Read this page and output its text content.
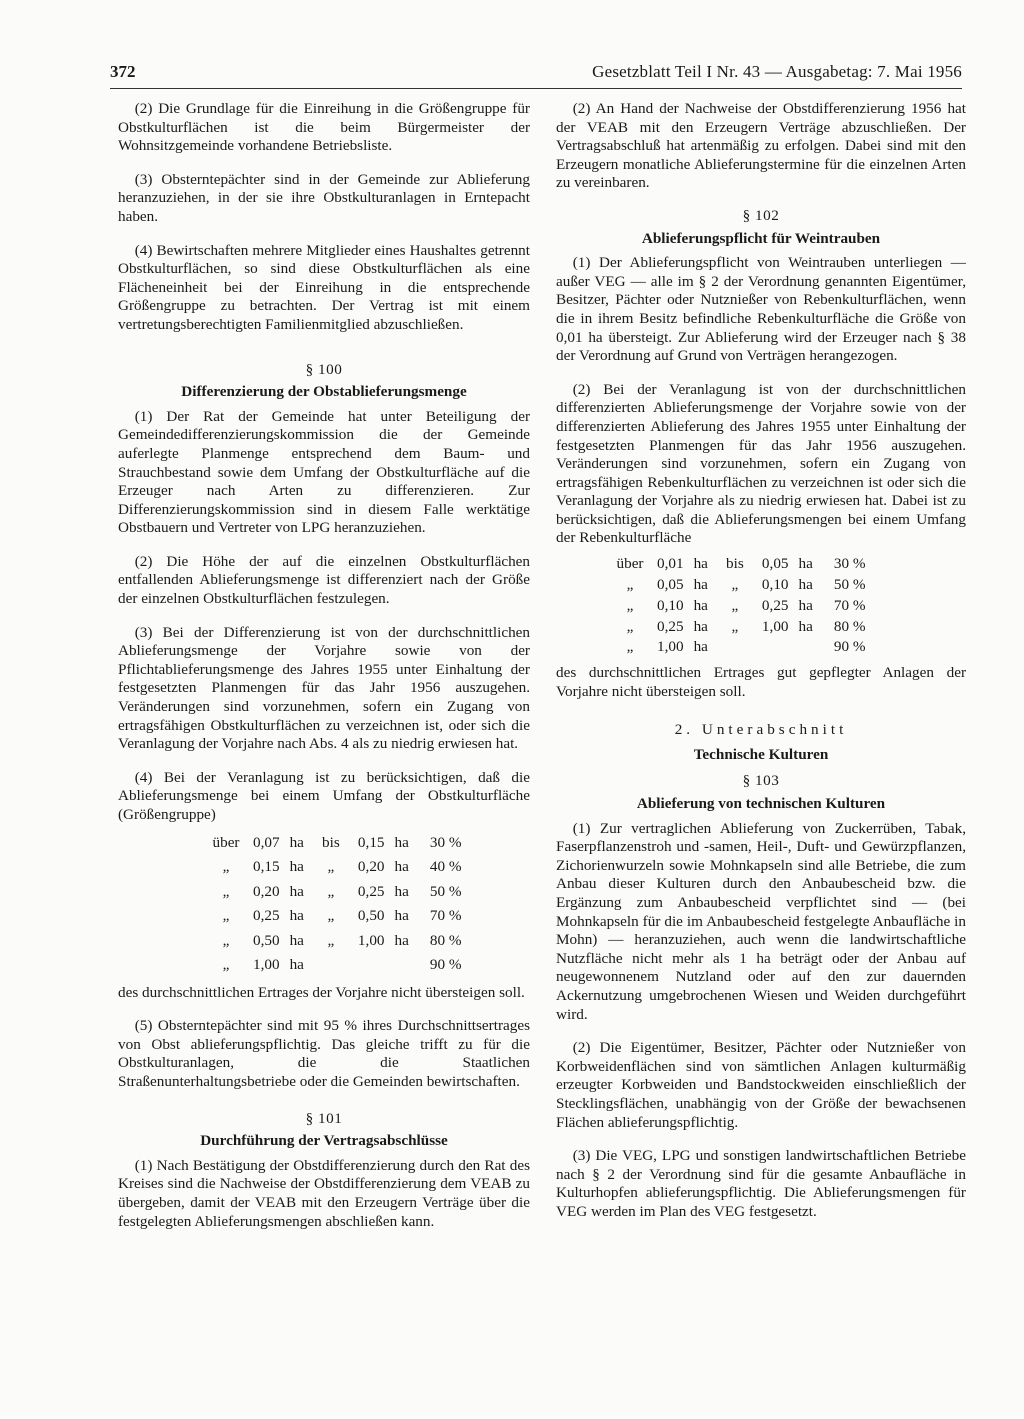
372	Gesetzblatt Teil I Nr. 43 — Ausgabetag: 7. Mai 1956

(2) Die Grundlage für die Einreihung in die Größengruppe für Obstkulturflächen ist die beim Bürgermeister der Wohnsitzgemeinde vorhandene Betriebsliste.

(3) Obsterntepächter sind in der Gemeinde zur Ablieferung heranzuziehen, in der sie ihre Obstkulturanlagen in Erntepacht haben.

(4) Bewirtschaften mehrere Mitglieder eines Haushaltes getrennt Obstkulturflächen, so sind diese Obstkulturflächen als eine Flächeneinheit bei der Einreihung in die entsprechende Größengruppe zu betrachten. Der Vertrag ist mit einem vertretungsberechtigten Familienmitglied abzuschließen.

§ 100

Differenzierung der Obstablieferungsmenge

(1) Der Rat der Gemeinde hat unter Beteiligung der Gemeindedifferenzierungskommission die der Gemeinde auferlegte Planmenge entsprechend dem Baum- und Strauchbestand sowie dem Umfang der Obstkulturfläche auf die Erzeuger nach Arten zu differenzieren. Zur Differenzierungskommission sind in diesem Falle werktätige Obstbauern und Vertreter von LPG heranzuziehen.

(2) Die Höhe der auf die einzelnen Obstkulturflächen entfallenden Ablieferungsmenge ist differenziert nach der Größe der einzelnen Obstkulturflächen festzulegen.

(3) Bei der Differenzierung ist von der durchschnittlichen Ablieferungsmenge der Vorjahre sowie von der Pflichtablieferungsmenge des Jahres 1955 unter Einhaltung der festgesetzten Planmengen für das Jahr 1956 auszugehen. Veränderungen sind vorzunehmen, sofern ein Zugang von ertragsfähigen Obstkulturflächen zu verzeichnen ist, oder sich die Veranlagung der Vorjahre nach Abs. 4 als zu niedrig erwiesen hat.

(4) Bei der Veranlagung ist zu berücksichtigen, daß die Ablieferungsmenge bei einem Umfang der Obstkulturfläche (Größengruppe)

über	0,07	ha	bis	0,15	ha	30 %
„	0,15	ha	„	0,20	ha	40 %
„	0,20	ha	„	0,25	ha	50 %
„	0,25	ha	„	0,50	ha	70 %
„	0,50	ha	„	1,00	ha	80 %
„	1,00	ha				90 %

des durchschnittlichen Ertrages der Vorjahre nicht übersteigen soll.

(5) Obsterntepächter sind mit 95 % ihres Durchschnittsertrages von Obst ablieferungspflichtig. Das gleiche trifft zu für die Obstkulturanlagen, die die Staatlichen Straßenunterhaltungsbetriebe oder die Gemeinden bewirtschaften.

§ 101

Durchführung der Vertragsabschlüsse

(1) Nach Bestätigung der Obstdifferenzierung durch den Rat des Kreises sind die Nachweise der Obstdifferenzierung dem VEAB zu übergeben, damit der VEAB mit den Erzeugern Verträge über die festgelegten Ablieferungsmengen abschließen kann.

(2) An Hand der Nachweise der Obstdifferenzierung 1956 hat der VEAB mit den Erzeugern Verträge abzuschließen. Der Vertragsabschluß hat artenmäßig zu erfolgen. Dabei sind mit den Erzeugern monatliche Ablieferungstermine für die einzelnen Arten zu vereinbaren.

§ 102

Ablieferungspflicht für Weintrauben

(1) Der Ablieferungspflicht von Weintrauben unterliegen — außer VEG — alle im § 2 der Verordnung genannten Eigentümer, Besitzer, Pächter oder Nutznießer von Rebenkulturflächen, wenn die in ihrem Besitz befindliche Rebenkulturfläche die Größe von 0,01 ha übersteigt. Zur Ablieferung wird der Erzeuger nach § 38 der Verordnung auf Grund von Verträgen herangezogen.

(2) Bei der Veranlagung ist von der durchschnittlichen differenzierten Ablieferungsmenge der Vorjahre sowie von der differenzierten Ablieferung des Jahres 1955 unter Einhaltung der festgesetzten Planmengen für das Jahr 1956 auszugehen. Veränderungen sind vorzunehmen, sofern ein Zugang von ertragsfähigen Rebenkulturflächen zu verzeichnen ist oder sich die Veranlagung der Vorjahre als zu niedrig erwiesen hat. Dabei ist zu berücksichtigen, daß die Ablieferungsmengen bei einem Umfang der Rebenkulturfläche

über	0,01	ha	bis	0,05	ha	30 %
„	0,05	ha	„	0,10	ha	50 %
„	0,10	ha	„	0,25	ha	70 %
„	0,25	ha	„	1,00	ha	80 %
„	1,00	ha				90 %

des durchschnittlichen Ertrages gut gepflegter Anlagen der Vorjahre nicht übersteigen soll.

2. Unterabschnitt

Technische Kulturen

§ 103

Ablieferung von technischen Kulturen

(1) Zur vertraglichen Ablieferung von Zuckerrüben, Tabak, Faserpflanzenstroh und -samen, Heil-, Duft- und Gewürzpflanzen, Zichorienwurzeln sowie Mohnkapseln sind alle Betriebe, die zum Anbau dieser Kulturen durch den Anbaubescheid bzw. die Ergänzung zum Anbaubescheid verpflichtet sind — (bei Mohnkapseln für die im Anbaubescheid festgelegte Anbaufläche in Mohn) — heranzuziehen, auch wenn die landwirtschaftliche Nutzfläche nicht mehr als 1 ha beträgt oder der Anbau auf neugewonnenem Nutzland oder auf den zur dauernden Ackernutzung umgebrochenen Wiesen und Weiden durchgeführt wird.

(2) Die Eigentümer, Besitzer, Pächter oder Nutznießer von Korbweidenflächen sind von sämtlichen Anlagen kulturmäßig erzeugter Korbweiden und Bandstockweiden einschließlich der Stecklingsflächen, unabhängig von der Größe der bewachsenen Flächen ablieferungspflichtig.

(3) Die VEG, LPG und sonstigen landwirtschaftlichen Betriebe nach § 2 der Verordnung sind für die gesamte Anbaufläche in Kulturhopfen ablieferungspflichtig. Die Ablieferungsmengen für VEG werden im Plan des VEG festgesetzt.
